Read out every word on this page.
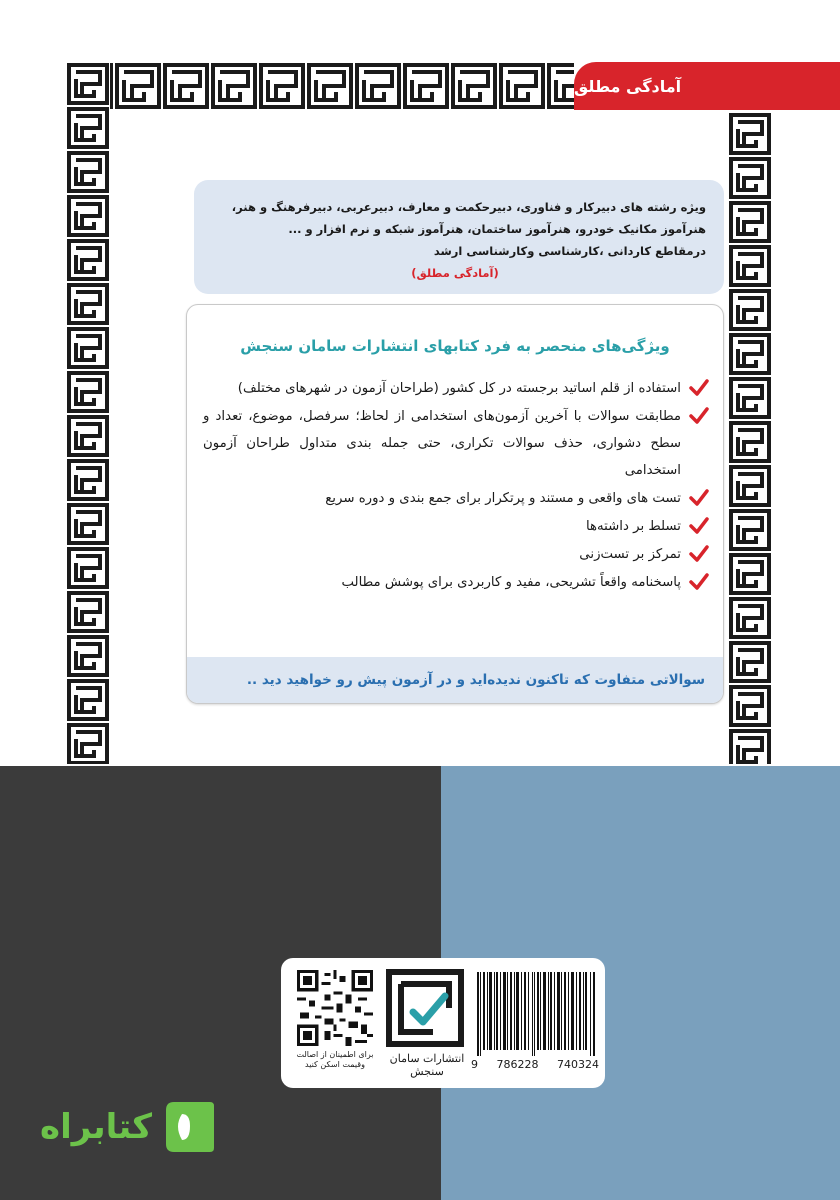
آمادگی مطلق
ویژه رشته های دبیرکار و فناوری، دبیرحکمت و معارف، دبیرعربی، دبیرفرهنگ و هنر،
هنرآموز مکانیک خودرو، هنرآموز ساختمان، هنرآموز شبکه و نرم افزار و ...
درمقاطع کاردانی ،کارشناسی وکارشناسی ارشد
(آمادگی مطلق)
ویژگی‌های منحصر به فرد کتابهای انتشارات سامان سنجش
استفاده از قلم اساتید برجسته در کل کشور (طراحان آزمون در شهرهای مختلف)
مطابقت سوالات با آخرین آزمون‌های استخدامی از لحاظ؛ سرفصل، موضوع، تعداد و سطح دشواری، حذف سوالات تکراری، حتی جمله بندی متداول طراحان آزمون استخدامی
تست های واقعی و مستند و پرتکرار برای جمع بندی و دوره سریع
تسلط بر داشته‌ها
تمرکز بر تست‌زنی
پاسخنامه واقعاً تشریحی، مفید و کاربردی برای پوشش مطالب
سوالاتی متفاوت که تاکنون ندیده‌اید و در آزمون پیش رو خواهید دید ..
برای اطمینان از اصالت
وقیمت اسکن کنید	انتشارات سامان سنجش
9 786228 740324
کتابراه
